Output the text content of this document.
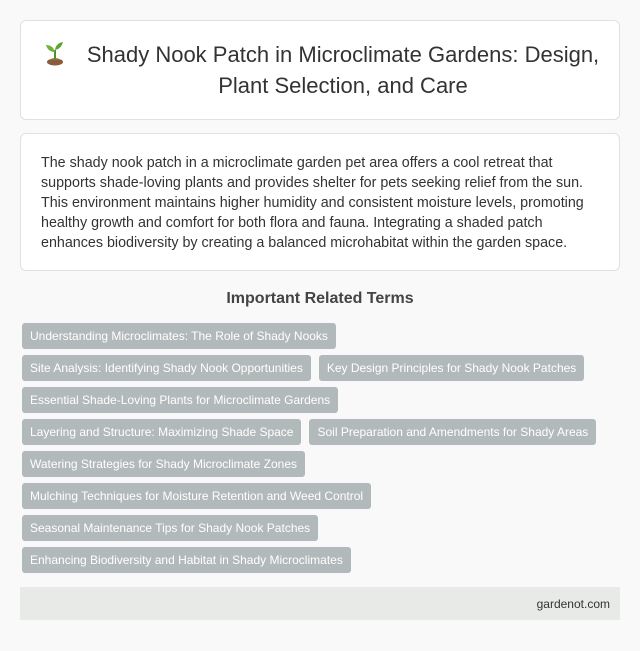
Shady Nook Patch in Microclimate Gardens: Design, Plant Selection, and Care

The shady nook patch in a microclimate garden pet area offers a cool retreat that supports shade-loving plants and provides shelter for pets seeking relief from the sun. This environment maintains higher humidity and consistent moisture levels, promoting healthy growth and comfort for both flora and fauna. Integrating a shaded patch enhances biodiversity by creating a balanced microhabitat within the garden space.

Important Related Terms
Understanding Microclimates: The Role of Shady Nooks
Site Analysis: Identifying Shady Nook Opportunities	Key Design Principles for Shady Nook Patches
Essential Shade-Loving Plants for Microclimate Gardens
Layering and Structure: Maximizing Shade Space	Soil Preparation and Amendments for Shady Areas
Watering Strategies for Shady Microclimate Zones
Mulching Techniques for Moisture Retention and Weed Control
Seasonal Maintenance Tips for Shady Nook Patches
Enhancing Biodiversity and Habitat in Shady Microclimates
gardenot.com
